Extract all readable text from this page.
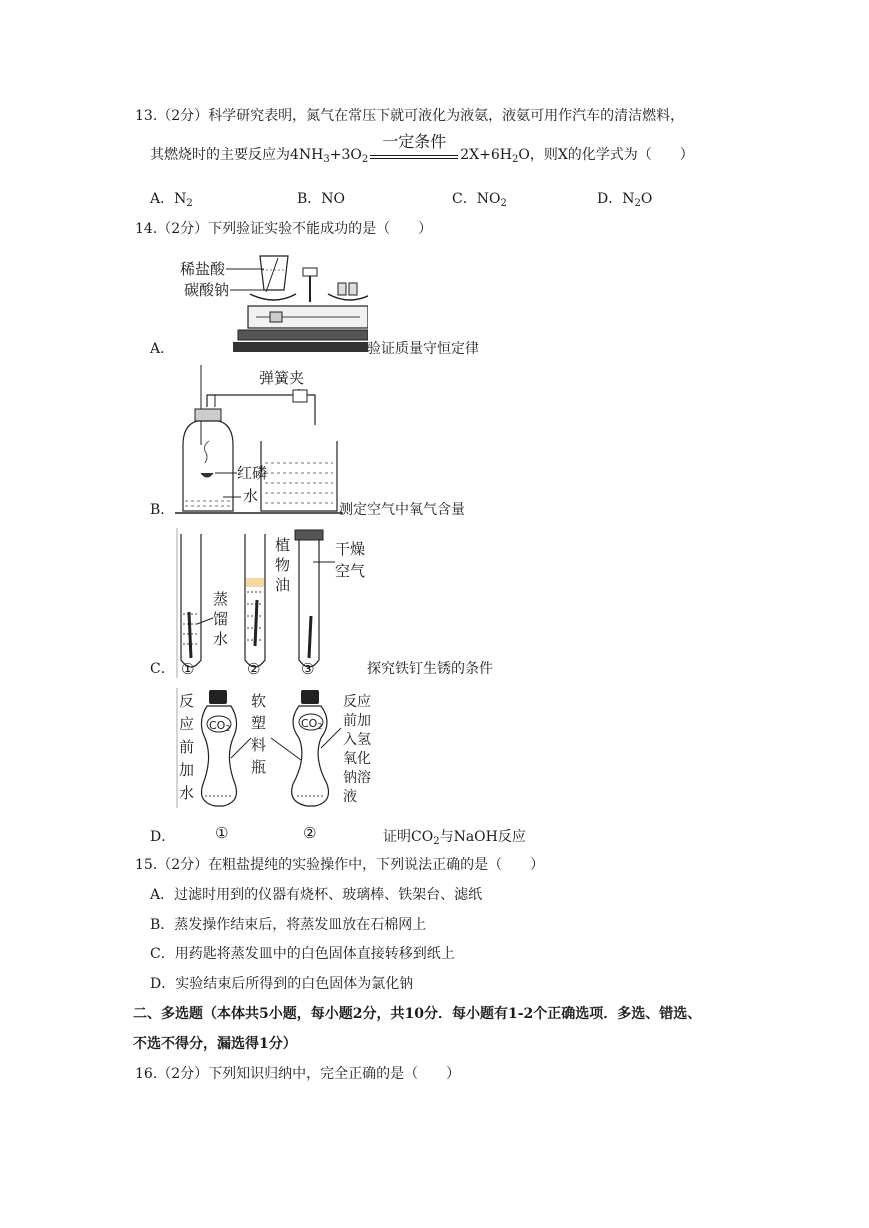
13.（2分）科学研究表明，氮气在常压下就可液化为液氨，液氨可用作汽车的清洁燃料，
其燃烧时的主要反应为$4NH_3+3O_2$
一定条件
$2X+6H_2O$，则X的化学式为（　　）
A．$N_2$	B．NO	C．$NO_2$	D．$N_2O$
14.（2分）下列验证实验不能成功的是（　　）
A．
稀盐酸
碳酸钠
验证质量守恒定律
B．
弹簧夹
红磷
水
测定空气中氧气含量
C．
蒸
馏
水
植
物
油
干燥
空气
①	②	③	探究铁钉生锈的条件
D．
反
应
前
加
水
CO2
①
软
塑
料
瓶
CO2
②
反应
前加
入氢
氧化
钠溶
液
证明$CO_2$与NaOH反应
15.（2分）在粗盐提纯的实验操作中，下列说法正确的是（　　）
A．过滤时用到的仪器有烧杯、玻璃棒、铁架台、滤纸
B．蒸发操作结束后，将蒸发皿放在石棉网上
C．用药匙将蒸发皿中的白色固体直接转移到纸上
D．实验结束后所得到的白色固体为氯化钠
二、多选题（本体共5小题，每小题2分，共10分．每小题有1-2个正确选项．多选、错选、
不选不得分，漏选得1分）
16.（2分）下列知识归纳中，完全正确的是（　　）
